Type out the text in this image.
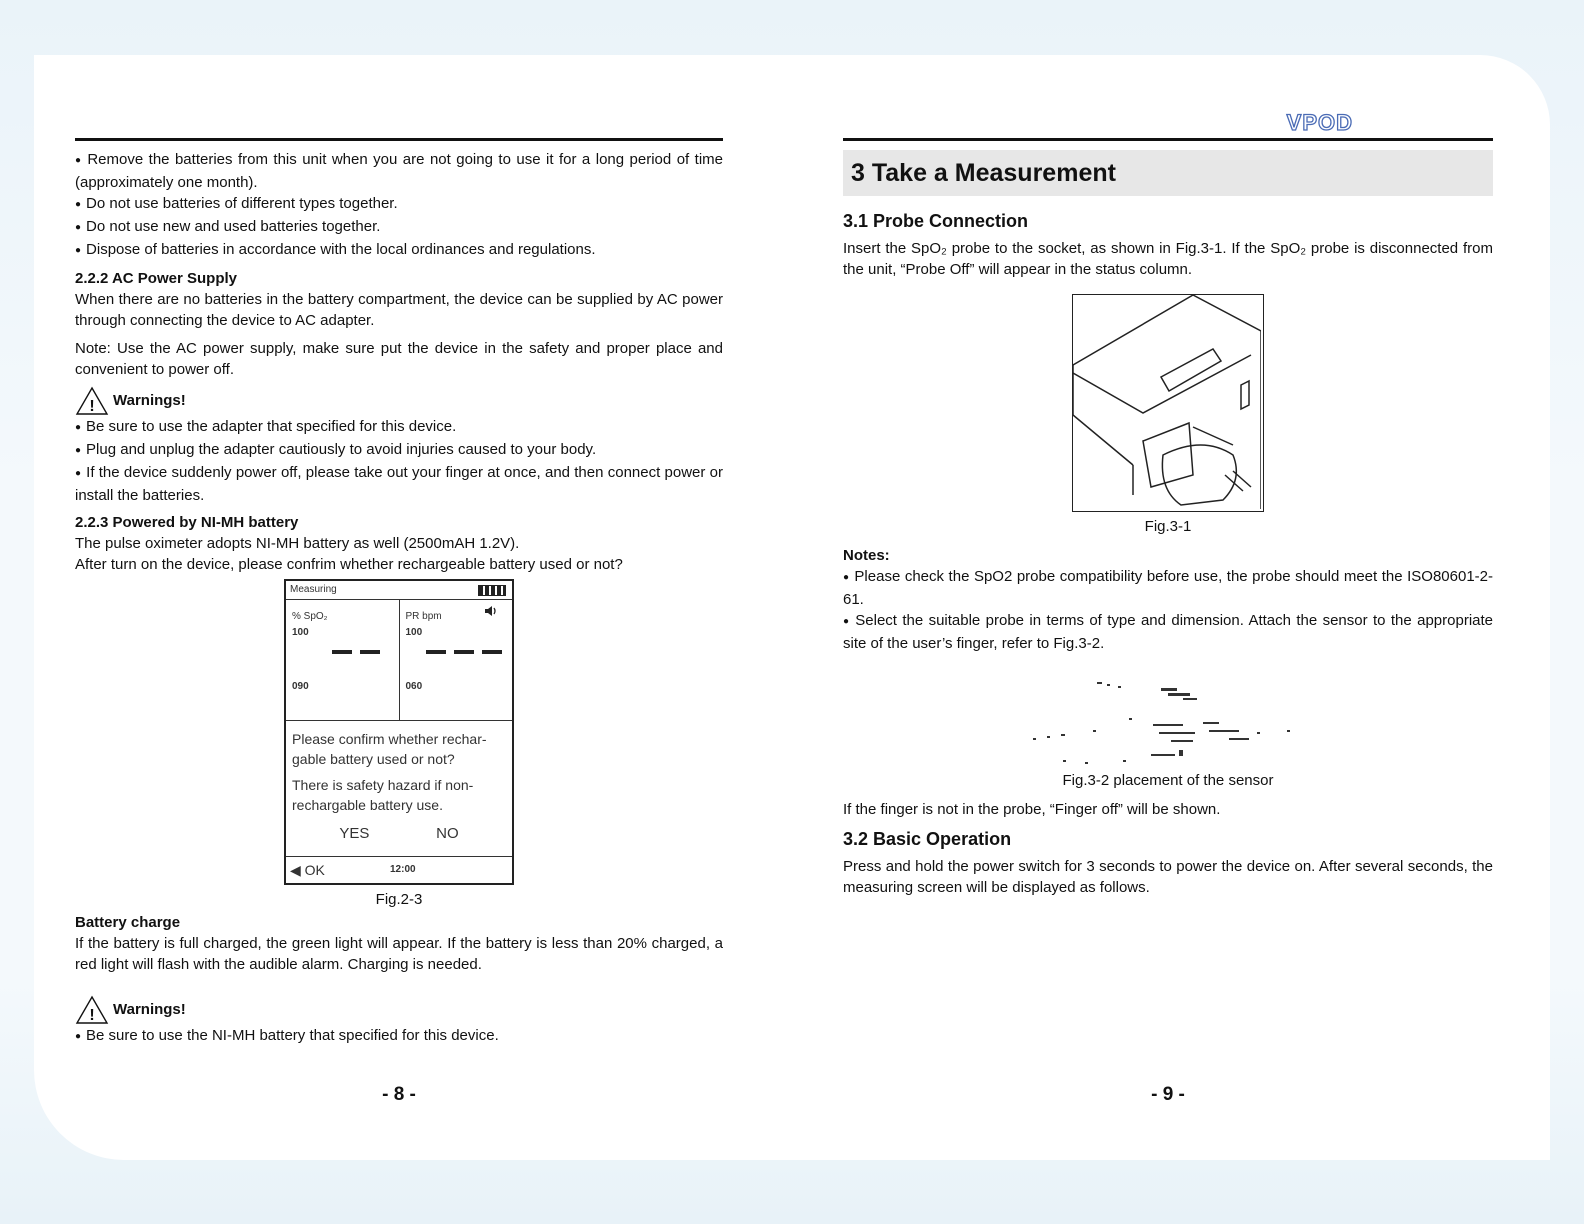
● Remove the batteries from this unit when you are not going to use it for a long period of time (approximately one month).

● Do not use batteries of different types together.

● Do not use new and used batteries together.

● Dispose of batteries in accordance with the local ordinances and regulations.

2.2.2 AC Power Supply

When there are no batteries in the battery compartment, the device can be supplied by AC power through connecting the device to AC adapter.

Note: Use the AC power supply, make sure put the device in the safety and proper place and convenient to power off.

! Warnings!

● Be sure to use the adapter that specified for this device.

● Plug and unplug the adapter cautiously to avoid injuries caused to your body.

● If the device suddenly power off, please take out your finger at once, and then connect power or install the batteries.

2.2.3 Powered by NI-MH battery

The pulse oximeter adopts NI-MH battery as well (2500mAH 1.2V).

After turn on the device, please confrim whether rechargeable battery used or not?

Measuring
% SpO₂
100
090
PR bpm
100
060
Please confirm whether rechar-gable battery used or not?
There is safety hazard if non-rechargable battery use.
YES	NO
◀ OK	12:00
Fig.2-3
Battery charge

If the battery is full charged, the green light will appear. If the battery is less than 20% charged, a red light will flash with the audible alarm. Charging is needed.

! Warnings!

● Be sure to use the NI-MH battery that specified for this device.

- 8 -
VPOD
3 Take a Measurement
3.1 Probe Connection

Insert the SpO₂ probe to the socket, as shown in Fig.3-1. If the SpO₂ probe is disconnected from the unit, “Probe Off” will appear in the status column.

Fig.3-1
Notes:

● Please check the SpO2 probe compatibility before use, the probe should meet the ISO80601-2-61.

● Select the suitable probe in terms of type and dimension. Attach the sensor to the appropriate site of the user’s finger, refer to Fig.3-2.

Fig.3-2 placement of the sensor

If the finger is not in the probe, “Finger off” will be shown.

3.2 Basic Operation

Press and hold the power switch for 3 seconds to power the device on. After several seconds, the measuring screen will be displayed as follows.

- 9 -
